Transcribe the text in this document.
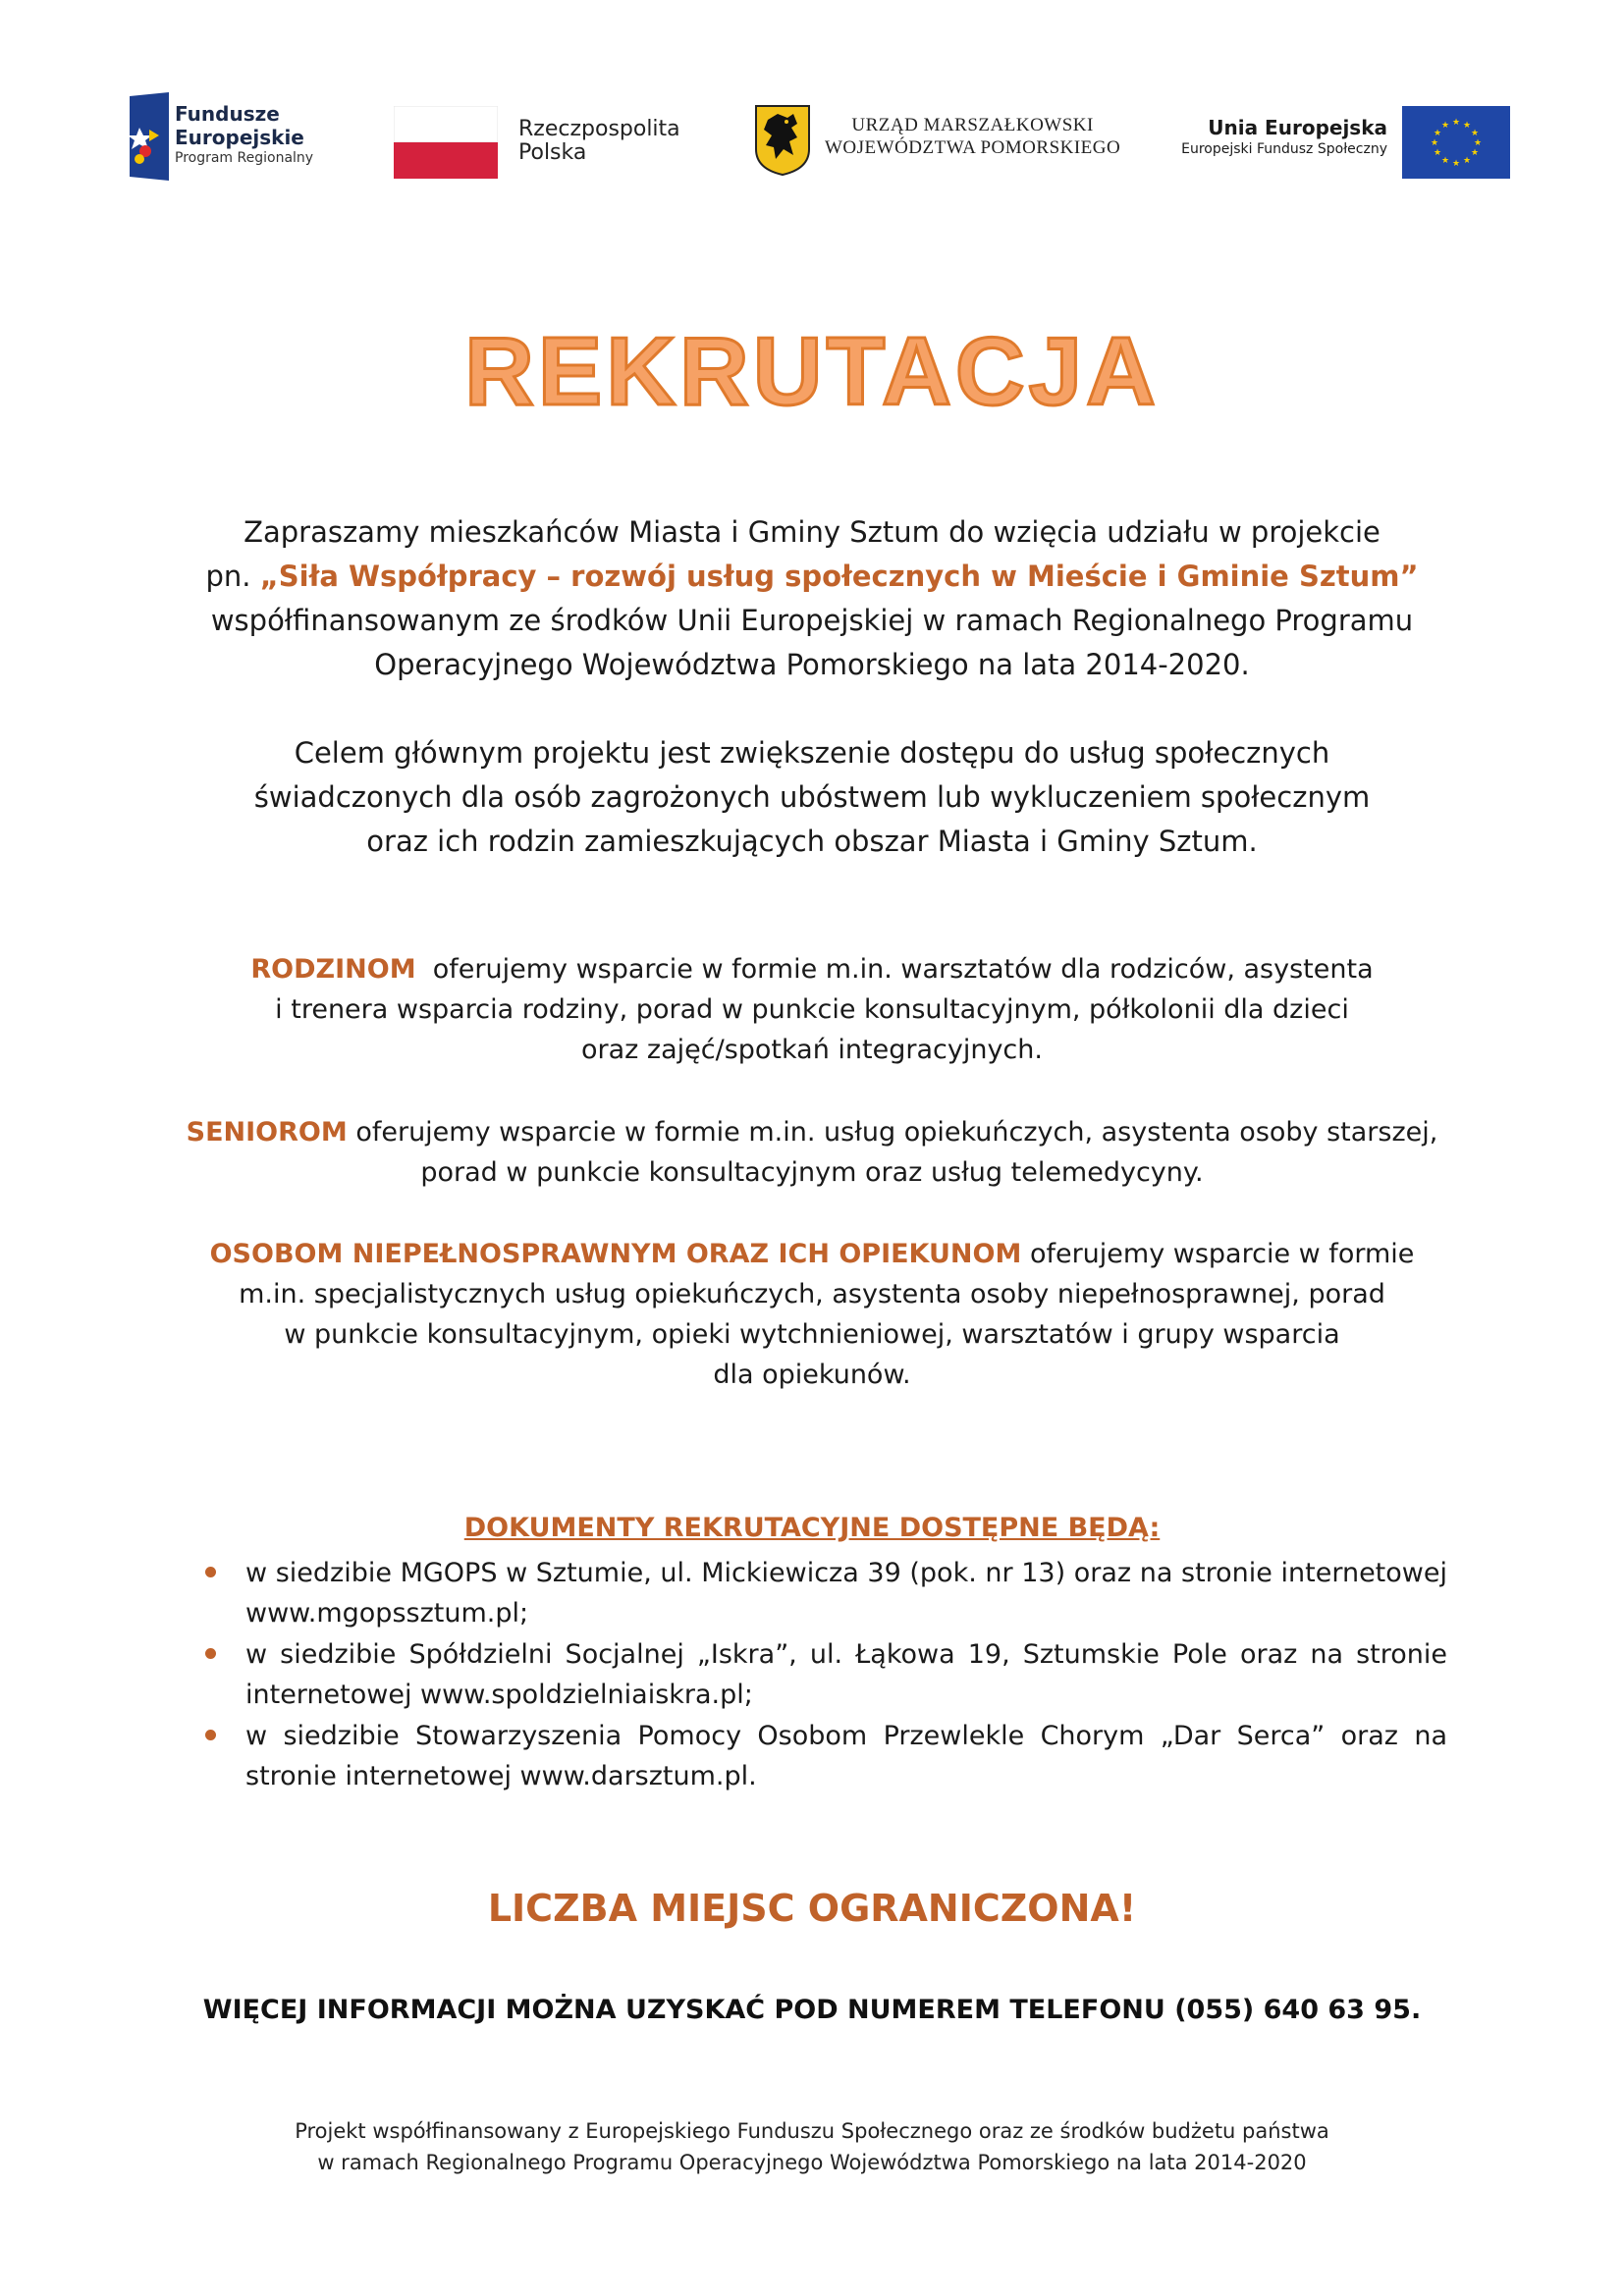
Fundusze
Europejskie
Program Regionalny
Rzeczpospolita
Polska
URZĄD MARSZAŁKOWSKI
WOJEWÓDZTWA POMORSKIEGO
Unia Europejska
Europejski Fundusz Społeczny
★ ★
★
★
★
★
★
★
★
★
★
★
REKRUTACJA
Zapraszamy mieszkańców Miasta i Gminy Sztum do wzięcia udziału w projekcie
pn. „Siła Współpracy – rozwój usług społecznych w Mieście i Gminie Sztum”
współfinansowanym ze środków Unii Europejskiej w ramach Regionalnego Programu
Operacyjnego Województwa Pomorskiego na lata 2014-2020.
Celem głównym projektu jest zwiększenie dostępu do usług społecznych
świadczonych dla osób zagrożonych ubóstwem lub wykluczeniem społecznym
oraz ich rodzin zamieszkujących obszar Miasta i Gminy Sztum.
RODZINOM  oferujemy wsparcie w formie m.in. warsztatów dla rodziców, asystenta
i trenera wsparcia rodziny, porad w punkcie konsultacyjnym, półkolonii dla dzieci
oraz zajęć/spotkań integracyjnych.
SENIOROM oferujemy wsparcie w formie m.in. usług opiekuńczych, asystenta osoby starszej,
porad w punkcie konsultacyjnym oraz usług telemedycyny.
OSOBOM NIEPEŁNOSPRAWNYM ORAZ ICH OPIEKUNOM oferujemy wsparcie w formie
m.in. specjalistycznych usług opiekuńczych, asystenta osoby niepełnosprawnej, porad
w punkcie konsultacyjnym, opieki wytchnieniowej, warsztatów i grupy wsparcia
dla opiekunów.
DOKUMENTY REKRUTACYJNE DOSTĘPNE BĘDĄ:
w siedzibie MGOPS w Sztumie, ul. Mickiewicza 39 (pok. nr 13) oraz na stronie internetowej www.mgopssztum.pl;
w siedzibie Spółdzielni Socjalnej „Iskra”, ul. Łąkowa 19, Sztumskie Pole oraz na stronie internetowej www.spoldzielniaiskra.pl;
w siedzibie Stowarzyszenia Pomocy Osobom Przewlekle Chorym „Dar Serca” oraz na stronie internetowej www.darsztum.pl.
LICZBA MIEJSC OGRANICZONA!
WIĘCEJ INFORMACJI MOŻNA UZYSKAĆ POD NUMEREM TELEFONU (055) 640 63 95.
Projekt współfinansowany z Europejskiego Funduszu Społecznego oraz ze środków budżetu państwa
w ramach Regionalnego Programu Operacyjnego Województwa Pomorskiego na lata 2014-2020
